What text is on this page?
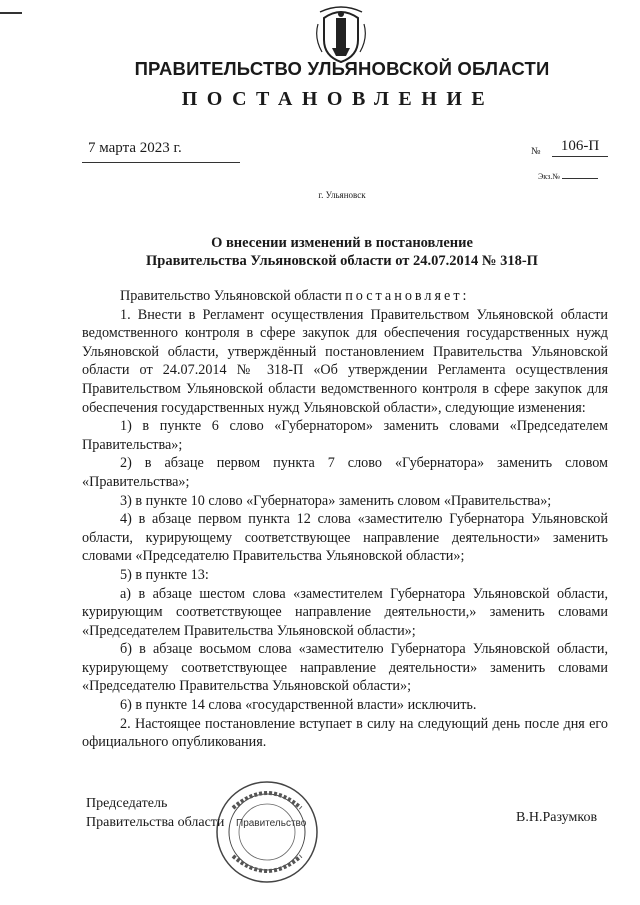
ПРАВИТЕЛЬСТВО УЛЬЯНОВСКОЙ ОБЛАСТИ
ПОСТАНОВЛЕНИЕ
7 марта 2023 г.	№	106-П
Экз.№
г. Ульяновск
О внесении изменений в постановление
Правительства Ульяновской области от 24.07.2014 № 318-П

Правительство Ульяновской области постановляет:

1. Внести в Регламент осуществления Правительством Ульяновской области ведомственного контроля в сфере закупок для обеспечения государственных нужд Ульяновской области, утверждённый постановлением Правительства Ульяновской области от 24.07.2014 № 318-П «Об утверждении Регламента осуществления Правительством Ульяновской области ведомственного контроля в сфере закупок для обеспечения государственных нужд Ульяновской области», следующие изменения:

1) в пункте 6 слово «Губернатором» заменить словами «Председателем Правительства»;

2) в абзаце первом пункта 7 слово «Губернатора» заменить словом «Правительства»;

3) в пункте 10 слово «Губернатора» заменить словом «Правительства»;

4) в абзаце первом пункта 12 слова «заместителю Губернатора Ульяновской области, курирующему соответствующее направление деятельности» заменить словами «Председателю Правительства Ульяновской области»;

5) в пункте 13:

а) в абзаце шестом слова «заместителем Губернатора Ульяновской области, курирующим соответствующее направление деятельности,» заменить словами «Председателем Правительства Ульяновской области»;

б) в абзаце восьмом слова «заместителю Губернатора Ульяновской области, курирующему соответствующее направление деятельности» заменить словами «Председателю Правительства Ульяновской области»;

6) в пункте 14 слова «государственной власти» исключить.

2. Настоящее постановление вступает в силу на следующий день после дня его официального опубликования.

Правительство
Председатель
Правительства области	В.Н.Разумков
